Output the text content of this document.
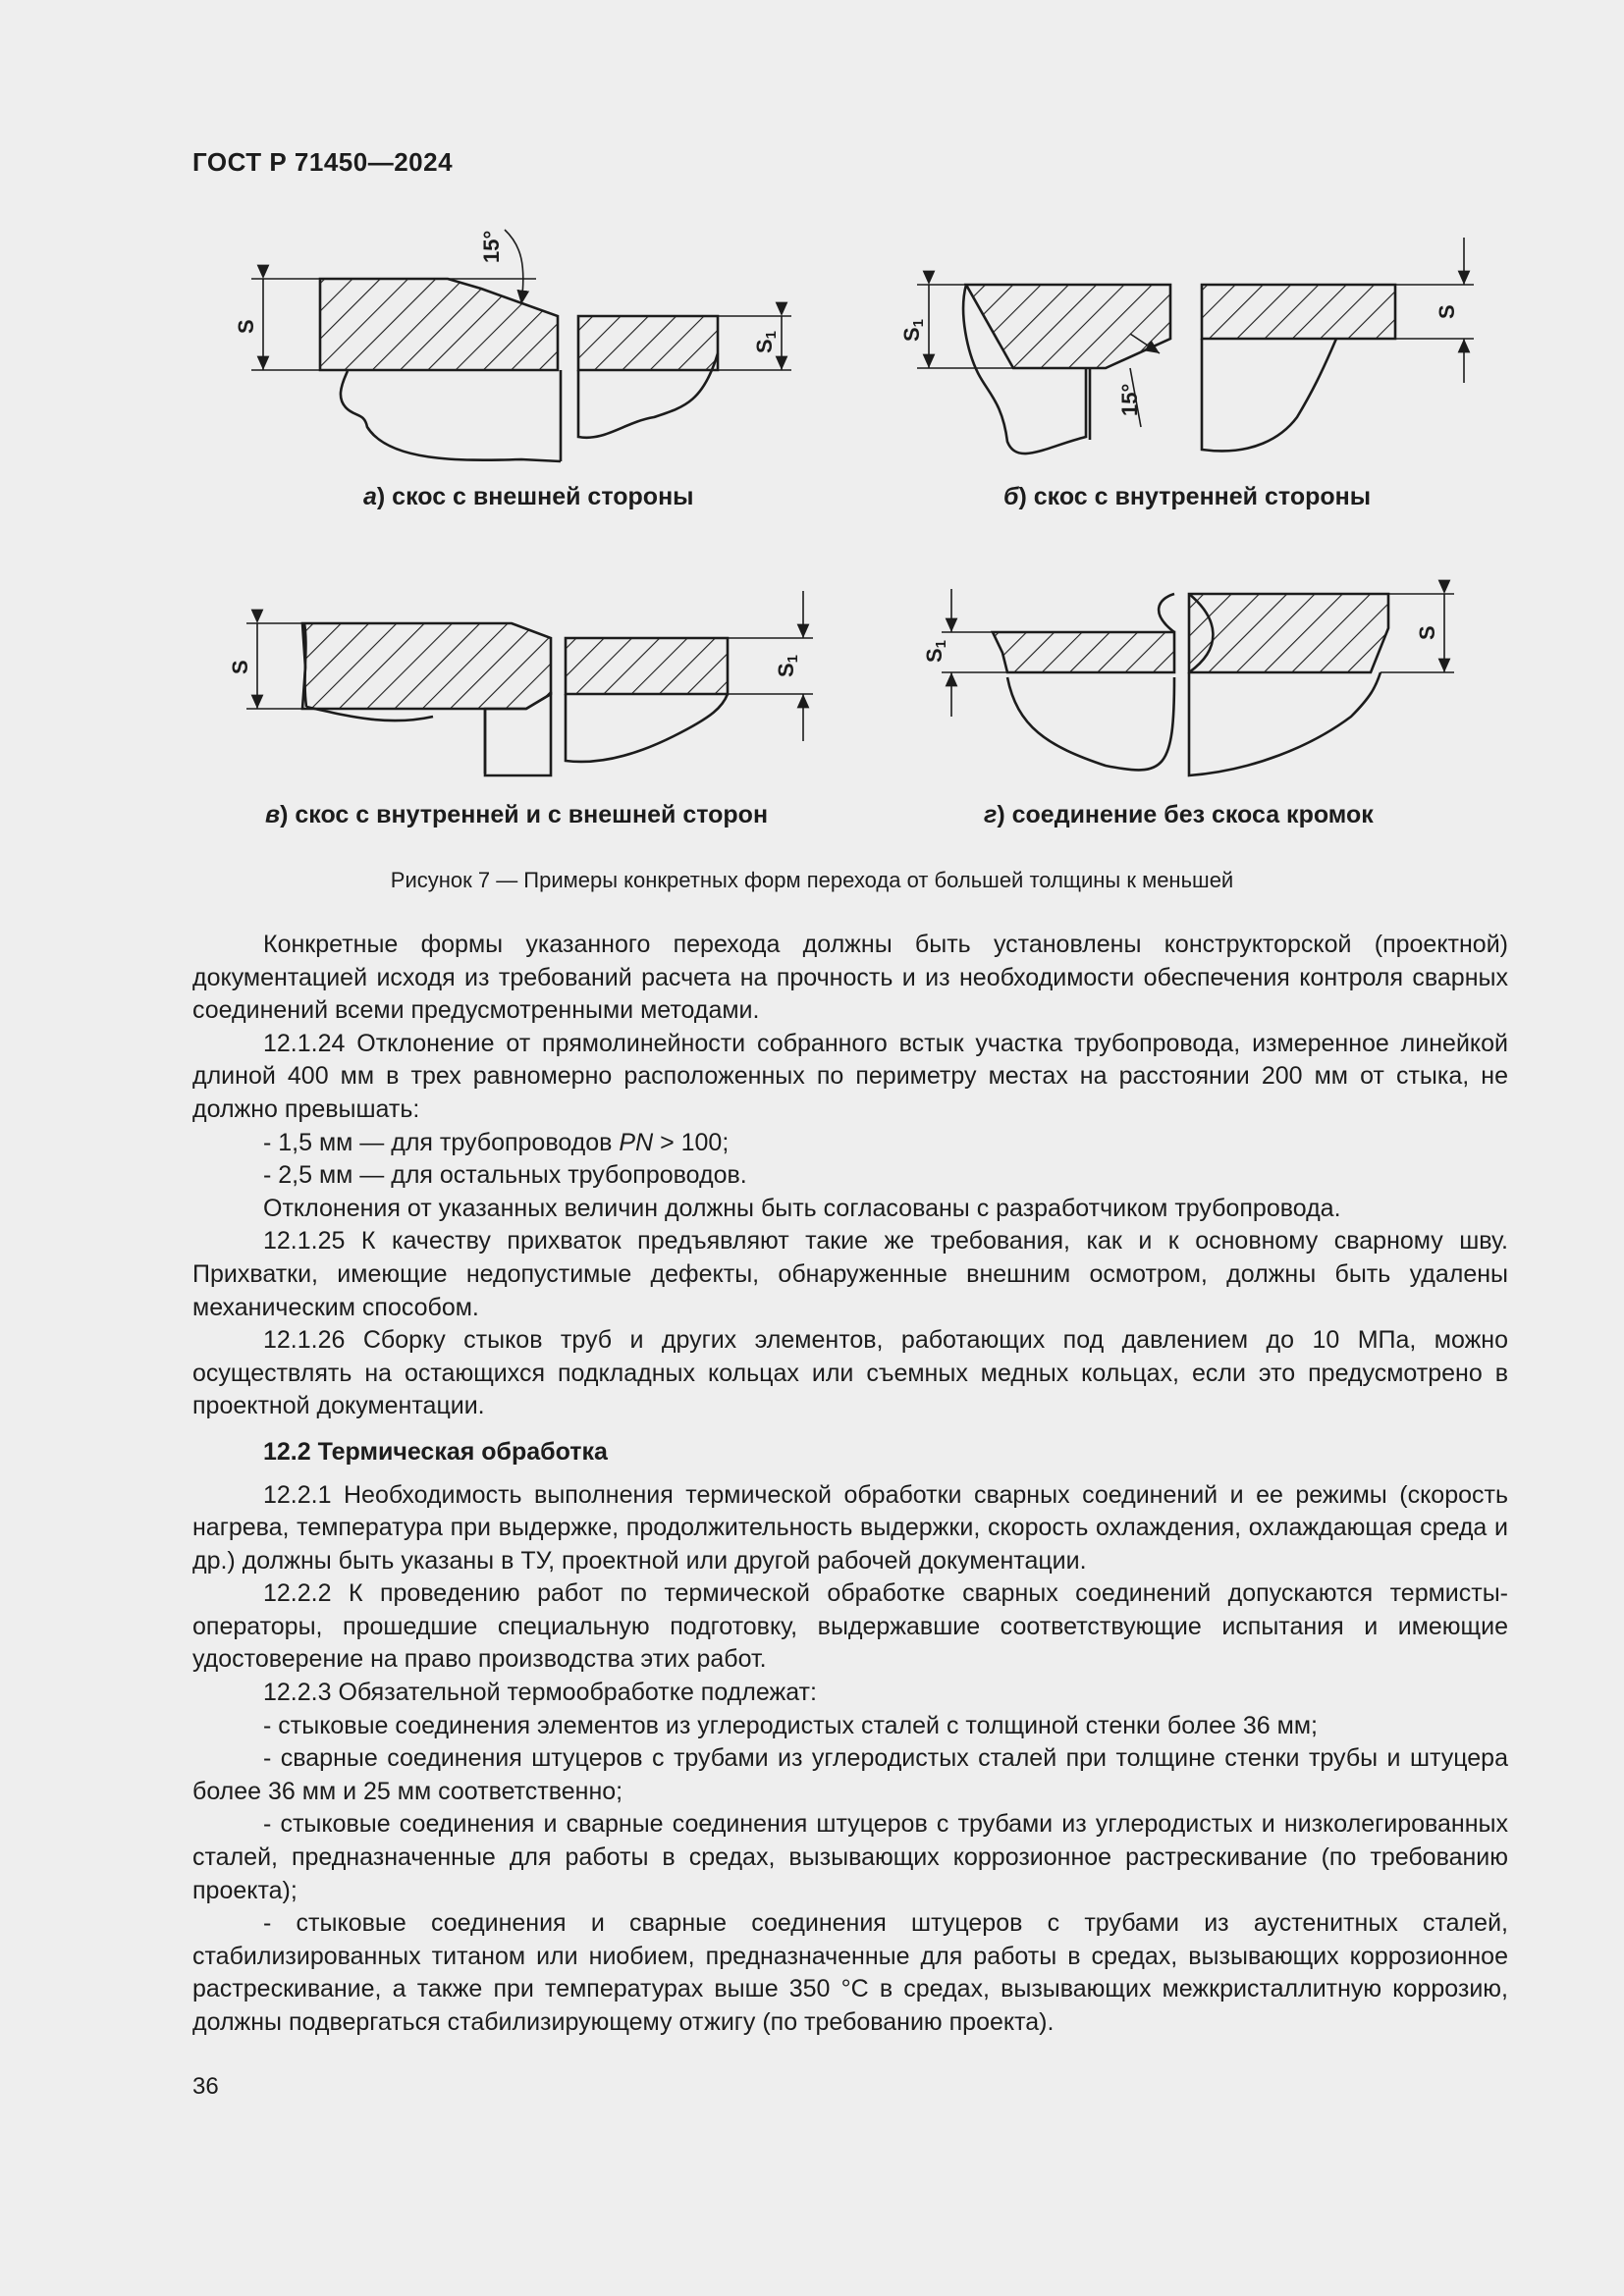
ГОСТ Р 71450—2024
S
S1
15°
S1
S
15°
S	S1	S1
S
а) скос с внешней стороны	б) скос с внутренней стороны
в) скос с внутренней и с внешней сторон	г) соединение без скоса кромок
Рисунок 7 — Примеры конкретных форм перехода от большей толщины к меньшей

Конкретные формы указанного перехода должны быть установлены конструкторской (проектной) документацией исходя из требований расчета на прочность и из необходимости обеспечения контроля сварных соединений всеми предусмотренными методами.

12.1.24 Отклонение от прямолинейности собранного встык участка трубопровода, измеренное линейкой длиной 400 мм в трех равномерно расположенных по периметру местах на расстоянии 200 мм от стыка, не должно превышать:

- 1,5 мм — для трубопроводов PN > 100;

- 2,5 мм — для остальных трубопроводов.

Отклонения от указанных величин должны быть согласованы с разработчиком трубопровода.

12.1.25 К качеству прихваток предъявляют такие же требования, как и к основному сварному шву. Прихватки, имеющие недопустимые дефекты, обнаруженные внешним осмотром, должны быть удалены механическим способом.

12.1.26 Сборку стыков труб и других элементов, работающих под давлением до 10 МПа, можно осуществлять на остающихся подкладных кольцах или съемных медных кольцах, если это предусмотрено в проектной документации.

12.2 Термическая обработка

12.2.1 Необходимость выполнения термической обработки сварных соединений и ее режимы (скорость нагрева, температура при выдержке, продолжительность выдержки, скорость охлаждения, охлаждающая среда и др.) должны быть указаны в ТУ, проектной или другой рабочей документации.

12.2.2 К проведению работ по термической обработке сварных соединений допускаются термисты-операторы, прошедшие специальную подготовку, выдержавшие соответствующие испытания и имеющие удостоверение на право производства этих работ.

12.2.3 Обязательной термообработке подлежат:

- стыковые соединения элементов из углеродистых сталей с толщиной стенки более 36 мм;

- сварные соединения штуцеров с трубами из углеродистых сталей при толщине стенки трубы и штуцера более 36 мм и 25 мм соответственно;

- стыковые соединения и сварные соединения штуцеров с трубами из углеродистых и низколегированных сталей, предназначенные для работы в средах, вызывающих коррозионное растрескивание (по требованию проекта);

- стыковые соединения и сварные соединения штуцеров с трубами из аустенитных сталей, стабилизированных титаном или ниобием, предназначенные для работы в средах, вызывающих коррозионное растрескивание, а также при температурах выше 350 °С в средах, вызывающих межкристаллитную коррозию, должны подвергаться стабилизирующему отжигу (по требованию проекта).

36
